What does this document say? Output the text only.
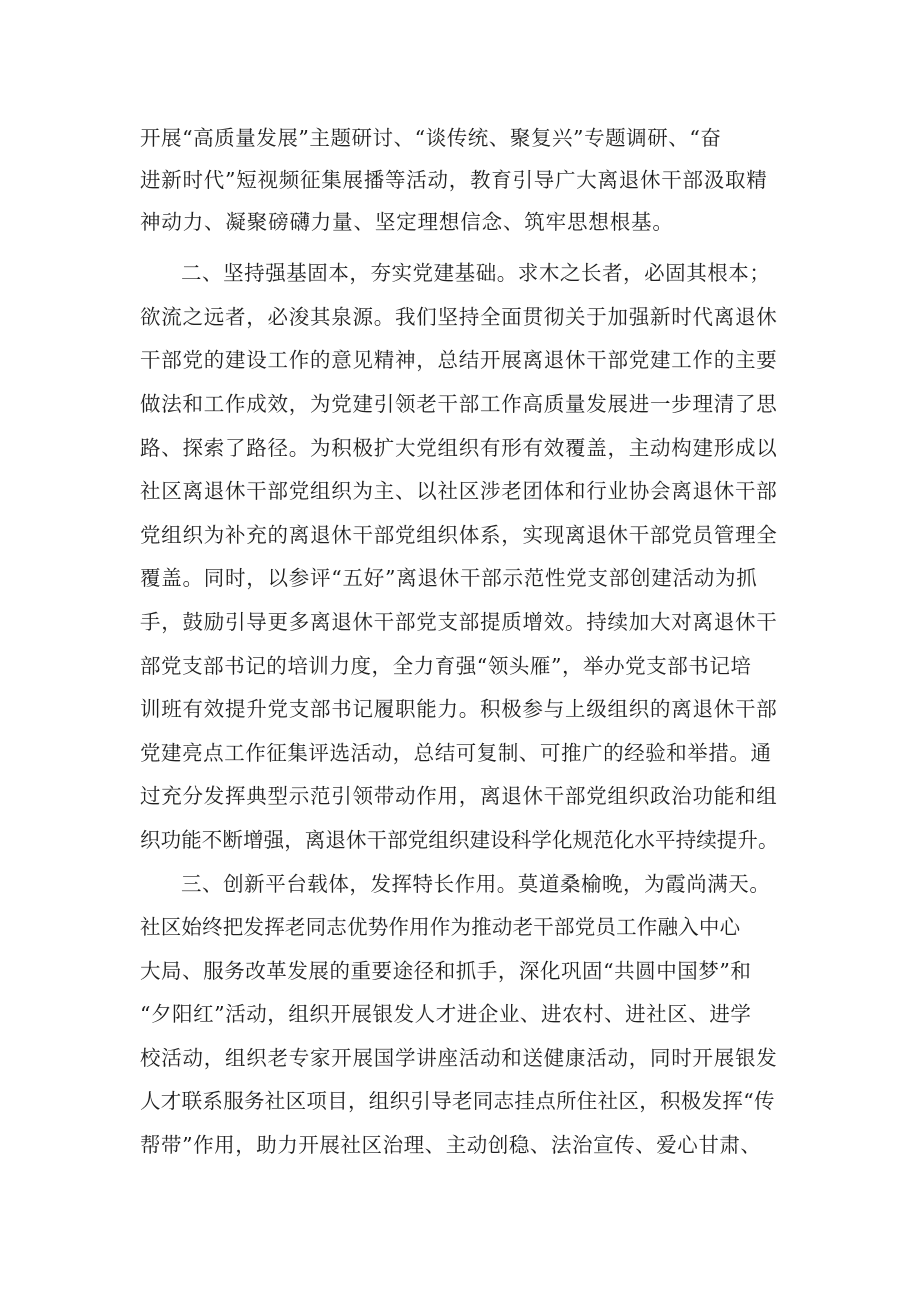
开展“高质量发展”主题研讨、“谈传统、聚复兴”专题调研、“奋
进新时代”短视频征集展播等活动，教育引导广大离退休干部汲取精
神动力、凝聚磅礴力量、坚定理想信念、筑牢思想根基。
二、坚持强基固本，夯实党建基础。求木之长者，必固其根本；
欲流之远者，必浚其泉源。我们坚持全面贯彻关于加强新时代离退休
干部党的建设工作的意见精神，总结开展离退休干部党建工作的主要
做法和工作成效，为党建引领老干部工作高质量发展进一步理清了思
路、探索了路径。为积极扩大党组织有形有效覆盖，主动构建形成以
社区离退休干部党组织为主、以社区涉老团体和行业协会离退休干部
党组织为补充的离退休干部党组织体系，实现离退休干部党员管理全
覆盖。同时，以参评“五好”离退休干部示范性党支部创建活动为抓
手，鼓励引导更多离退休干部党支部提质增效。持续加大对离退休干
部党支部书记的培训力度，全力育强“领头雁”，举办党支部书记培
训班有效提升党支部书记履职能力。积极参与上级组织的离退休干部
党建亮点工作征集评选活动，总结可复制、可推广的经验和举措。通
过充分发挥典型示范引领带动作用，离退休干部党组织政治功能和组
织功能不断增强，离退休干部党组织建设科学化规范化水平持续提升。
三、创新平台载体，发挥特长作用。莫道桑榆晚，为霞尚满天。
社区始终把发挥老同志优势作用作为推动老干部党员工作融入中心
大局、服务改革发展的重要途径和抓手，深化巩固“共圆中国梦”和
“夕阳红”活动，组织开展银发人才进企业、进农村、进社区、进学
校活动，组织老专家开展国学讲座活动和送健康活动，同时开展银发
人才联系服务社区项目，组织引导老同志挂点所住社区，积极发挥“传
帮带”作用，助力开展社区治理、主动创稳、法治宣传、爱心甘肃、
